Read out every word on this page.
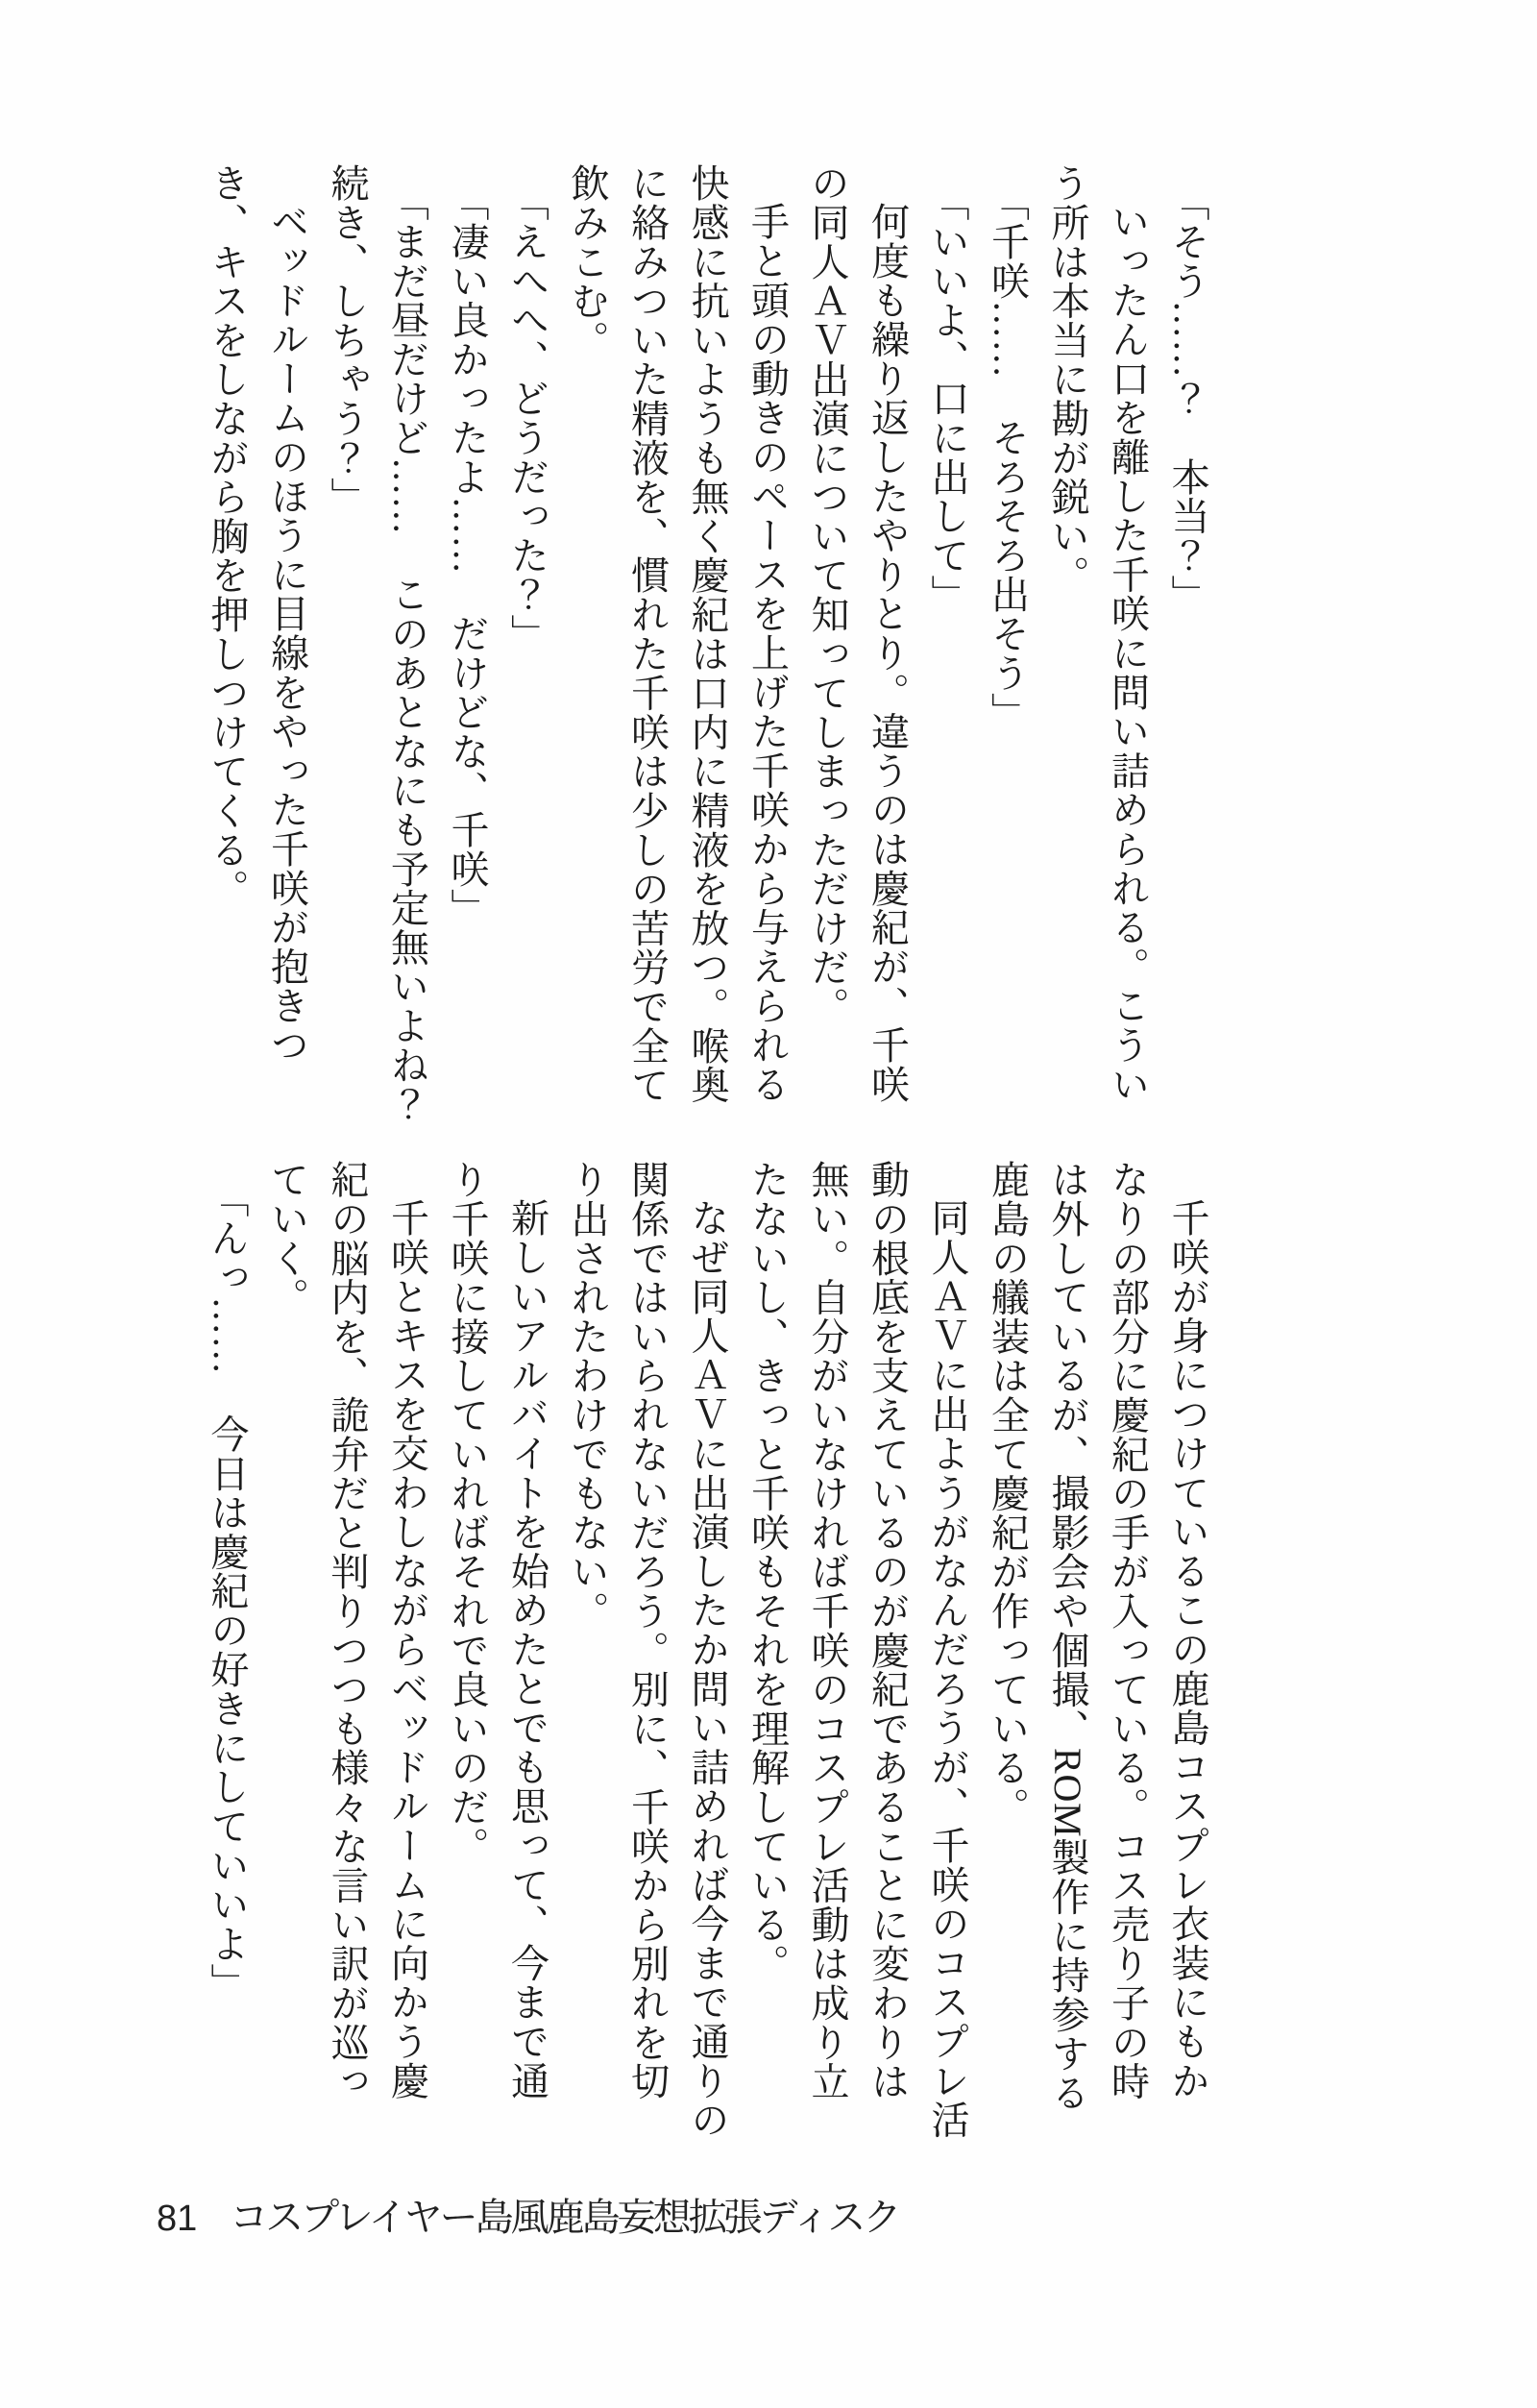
「そう……？　本当？」
いったん口を離した千咲に問い詰められる。こうい
う所は本当に勘が鋭い。
「千咲……　そろそろ出そう」
「いいよ、口に出して」
何度も繰り返したやりとり。違うのは慶紀が、千咲
の同人ＡＶ出演について知ってしまっただけだ。
手と頭の動きのペースを上げた千咲から与えられる
快感に抗いようも無く慶紀は口内に精液を放つ。喉奥
に絡みついた精液を、慣れた千咲は少しの苦労で全て
飲みこむ。
「えへへ、どうだった？」
「凄い良かったよ……　だけどな、千咲」
「まだ昼だけど……　このあとなにも予定無いよね？
続き、しちゃう？」
ベッドルームのほうに目線をやった千咲が抱きつ
き、キスをしながら胸を押しつけてくる。
千咲が身につけているこの鹿島コスプレ衣装にもか
なりの部分に慶紀の手が入っている。コス売り子の時
は外しているが、撮影会や個撮、ROM製作に持参する
鹿島の艤装は全て慶紀が作っている。
同人ＡＶに出ようがなんだろうが、千咲のコスプレ活
動の根底を支えているのが慶紀であることに変わりは
無い。自分がいなければ千咲のコスプレ活動は成り立
たないし、きっと千咲もそれを理解している。
なぜ同人ＡＶに出演したか問い詰めれば今まで通りの
関係ではいられないだろう。別に、千咲から別れを切
り出されたわけでもない。
新しいアルバイトを始めたとでも思って、今まで通
り千咲に接していればそれで良いのだ。
千咲とキスを交わしながらベッドルームに向かう慶
紀の脳内を、詭弁だと判りつつも様々な言い訳が巡っ
ていく。
「んっ……　今日は慶紀の好きにしていいよ」
81 コスプレイヤー島風鹿島妄想拡張ディスク
